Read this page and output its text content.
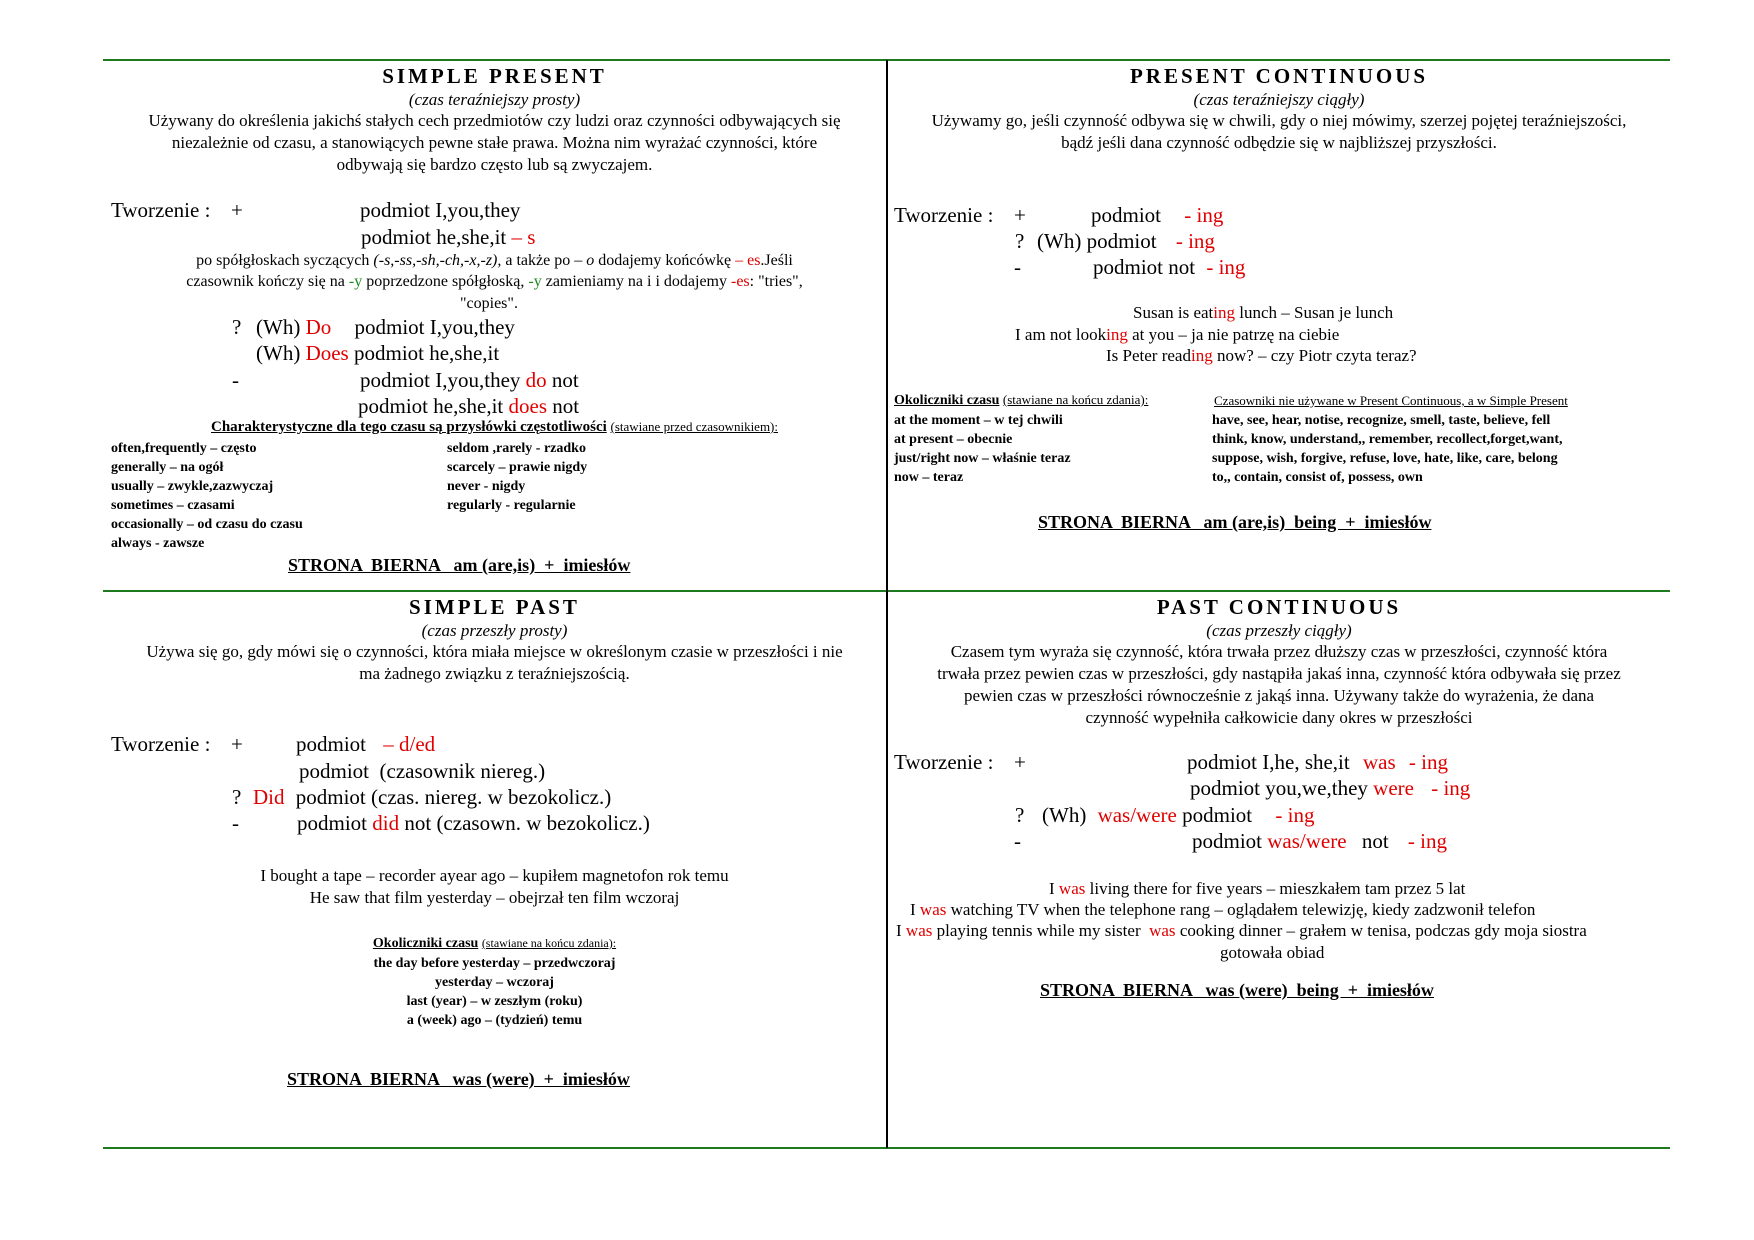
SIMPLE PRESENT
(czas teraźniejszy prosty)
Używany do określenia jakichś stałych cech przedmiotów czy ludzi oraz czynności odbywających się
niezależnie od czasu, a stanowiących pewne stałe prawa. Można nim wyrażać czynności, które
odbywają się bardzo często lub są zwyczajem.
Tworzenie : +	podmiot I,you,they
podmiot he,she,it – s
po spółgłoskach syczących (-s,-ss,-sh,-ch,-x,-z), a także po – o dodajemy końcówkę – es.Jeśli
czasownik kończy się na -y poprzedzone spółgłoską, -y zamieniamy na i i dodajemy -es: "tries",
"copies".
? (Wh) Do podmiot I,you,they
(Wh) Does podmiot he,she,it
-	podmiot I,you,they do not
podmiot he,she,it does not
Charakterystyczne dla tego czasu są przysłówki częstotliwości (stawiane przed czasownikiem):
often,frequently – często
generally – na ogół
usually – zwykle,zazwyczaj
sometimes – czasami
occasionally – od czasu do czasu
always - zawsze
seldom ,rarely - rzadko
scarcely – prawie nigdy
never - nigdy
regularly - regularnie
STRONA  BIERNA   am (are,is)  +  imiesłów
PRESENT CONTINUOUS
(czas teraźniejszy ciągły)
Używamy go, jeśli czynność odbywa się w chwili, gdy o niej mówimy, szerzej pojętej teraźniejszości,
bądź jeśli dana czynność odbędzie się w najbliższej przyszłości.
Tworzenie : +	podmiot - ing
? (Wh) podmiot - ing
-	podmiot not - ing
Susan is eating lunch – Susan je lunch
I am not looking at you – ja nie patrzę na ciebie
Is Peter reading now? – czy Piotr czyta teraz?
Okoliczniki czasu (stawiane na końcu zdania):
at the moment – w tej chwili
at present – obecnie
just/right now – właśnie teraz
now – teraz
Czasowniki nie używane w Present Continuous, a w Simple Present
have, see, hear, notise, recognize, smell, taste, believe, fell
think, know, understand,, remember, recollect,forget,want,
suppose, wish, forgive, refuse, love, hate, like, care, belong
to,, contain, consist of, possess, own
STRONA  BIERNA   am (are,is)  being  +  imiesłów
SIMPLE PAST
(czas przeszły prosty)
Używa się go, gdy mówi się o czynności, która miała miejsce w określonym czasie w przeszłości i nie
ma żadnego związku z teraźniejszością.
Tworzenie : +	podmiot – d/ed
podmiot  (czasownik niereg.)
? Did podmiot (czas. niereg. w bezokolicz.)
-	podmiot did not (czasown. w bezokolicz.)
I bought a tape – recorder ayear ago – kupiłem magnetofon rok temu
He saw that film yesterday – obejrzał ten film wczoraj
Okoliczniki czasu (stawiane na końcu zdania):
the day before yesterday – przedwczoraj
yesterday – wczoraj
last (year) – w zeszłym (roku)
a (week) ago – (tydzień) temu
STRONA  BIERNA   was (were)  +  imiesłów
PAST CONTINUOUS
(czas przeszły ciągły)
Czasem tym wyraża się czynność, która trwała przez dłuższy czas w przeszłości, czynność która
trwała przez pewien czas w przeszłości, gdy nastąpiła jakaś inna, czynność która odbywała się przez
pewien czas w przeszłości równocześnie z jakąś inna. Używany także do wyrażenia, że dana
czynność wypełniła całkowicie dany okres w przeszłości
Tworzenie : +	podmiot I,he, she,it was - ing
podmiot you,we,they were - ing
? (Wh) was/were podmiot - ing
-	podmiot was/were not - ing
I was living there for five years – mieszkałem tam przez 5 lat
I was watching TV when the telephone rang – oglądałem telewizję, kiedy zadzwonił telefon
I was playing tennis while my sister  was cooking dinner – grałem w tenisa, podczas gdy moja siostra
gotowała obiad
STRONA  BIERNA   was (were)  being  +  imiesłów
